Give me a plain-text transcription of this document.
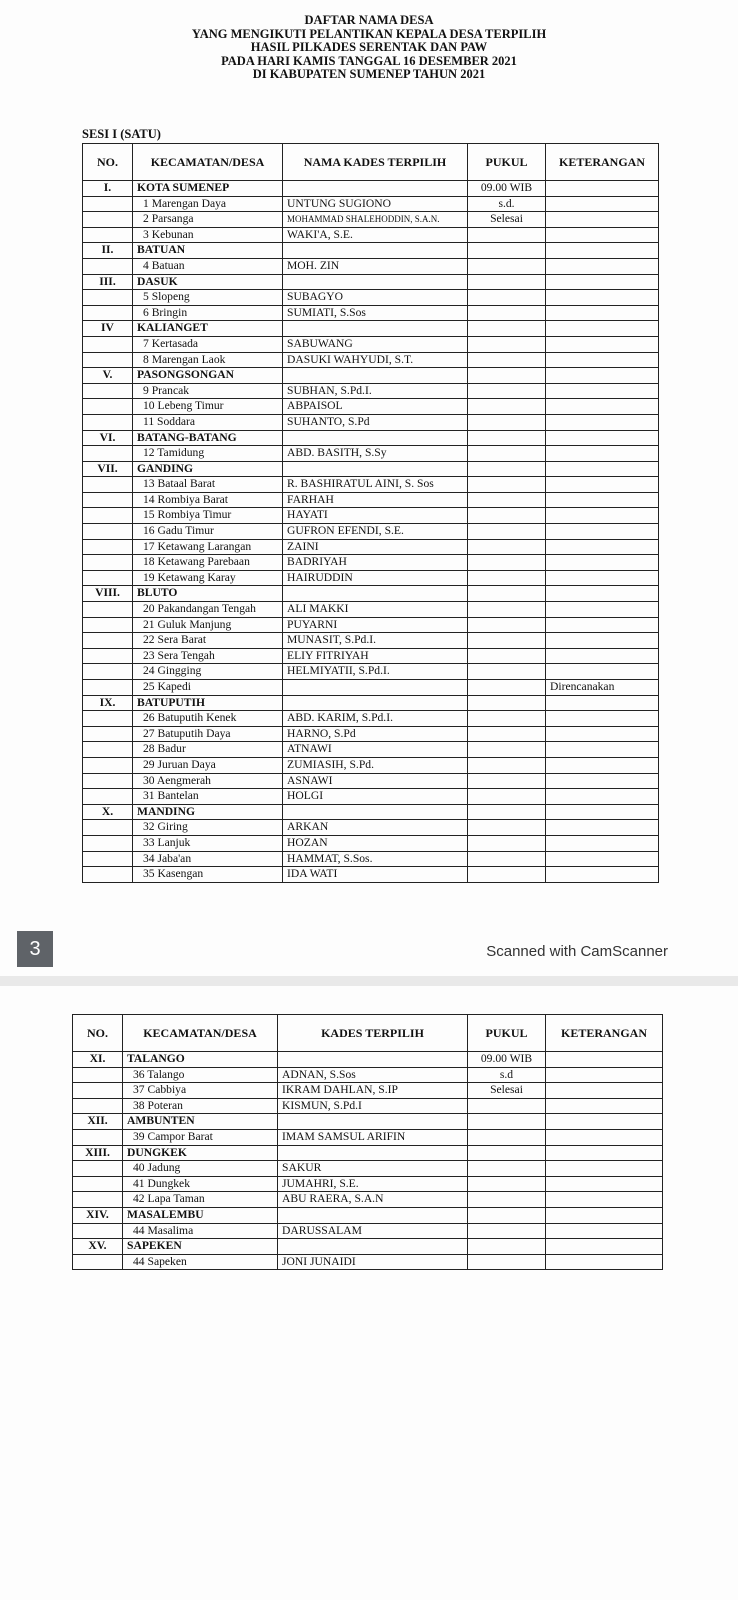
DAFTAR NAMA DESA
YANG MENGIKUTI PELANTIKAN KEPALA DESA TERPILIH
HASIL PILKADES SERENTAK DAN PAW
PADA HARI KAMIS TANGGAL 16 DESEMBER 2021
DI KABUPATEN SUMENEP TAHUN 2021
SESI I (SATU)
NO.	KECAMATAN/DESA	NAMA KADES TERPILIH	PUKUL	KETERANGAN
I.	KOTA SUMENEP		09.00 WIB	
	1 Marengan Daya	UNTUNG SUGIONO	s.d.	
	2 Parsanga	MOHAMMAD SHALEHODDIN, S.A.N.	Selesai	
	3 Kebunan	WAKI'A, S.E.		
II.	BATUAN			
	4 Batuan	MOH. ZIN		
III.	DASUK			
	5 Slopeng	SUBAGYO		
	6 Bringin	SUMIATI, S.Sos		
IV	KALIANGET			
	7 Kertasada	SABUWANG		
	8 Marengan Laok	DASUKI WAHYUDI, S.T.		
V.	PASONGSONGAN			
	9 Prancak	SUBHAN, S.Pd.I.		
	10 Lebeng Timur	ABPAISOL		
	11 Soddara	SUHANTO, S.Pd		
VI.	BATANG-BATANG			
	12 Tamidung	ABD. BASITH, S.Sy		
VII.	GANDING			
	13 Bataal Barat	R. BASHIRATUL AINI, S. Sos		
	14 Rombiya Barat	FARHAH		
	15 Rombiya Timur	HAYATI		
	16 Gadu Timur	GUFRON EFENDI, S.E.		
	17 Ketawang Larangan	ZAINI		
	18 Ketawang Parebaan	BADRIYAH		
	19 Ketawang Karay	HAIRUDDIN		
VIII.	BLUTO			
	20 Pakandangan Tengah	ALI MAKKI		
	21 Guluk Manjung	PUYARNI		
	22 Sera Barat	MUNASIT, S.Pd.I.		
	23 Sera Tengah	ELIY FITRIYAH		
	24 Gingging	HELMIYATII, S.Pd.I.		
	25 Kapedi			Direncanakan
IX.	BATUPUTIH			
	26 Batuputih Kenek	ABD. KARIM, S.Pd.I.		
	27 Batuputih Daya	HARNO, S.Pd		
	28 Badur	ATNAWI		
	29 Juruan Daya	ZUMIASIH, S.Pd.		
	30 Aengmerah	ASNAWI		
	31 Bantelan	HOLGI		
X.	MANDING			
	32 Giring	ARKAN		
	33 Lanjuk	HOZAN		
	34 Jaba'an	HAMMAT, S.Sos.		
	35 Kasengan	IDA WATI		
3	Scanned with CamScanner
NO.	KECAMATAN/DESA	KADES TERPILIH	PUKUL	KETERANGAN
XI.	TALANGO		09.00 WIB	
	36 Talango	ADNAN, S.Sos	s.d	
	37 Cabbiya	IKRAM DAHLAN, S.IP	Selesai	
	38 Poteran	KISMUN, S.Pd.I		
XII.	AMBUNTEN			
	39 Campor Barat	IMAM SAMSUL ARIFIN		
XIII.	DUNGKEK			
	40 Jadung	SAKUR		
	41 Dungkek	JUMAHRI, S.E.		
	42 Lapa Taman	ABU RAERA, S.A.N		
XIV.	MASALEMBU			
	44 Masalima	DARUSSALAM		
XV.	SAPEKEN			
	44 Sapeken	JONI JUNAIDI		
